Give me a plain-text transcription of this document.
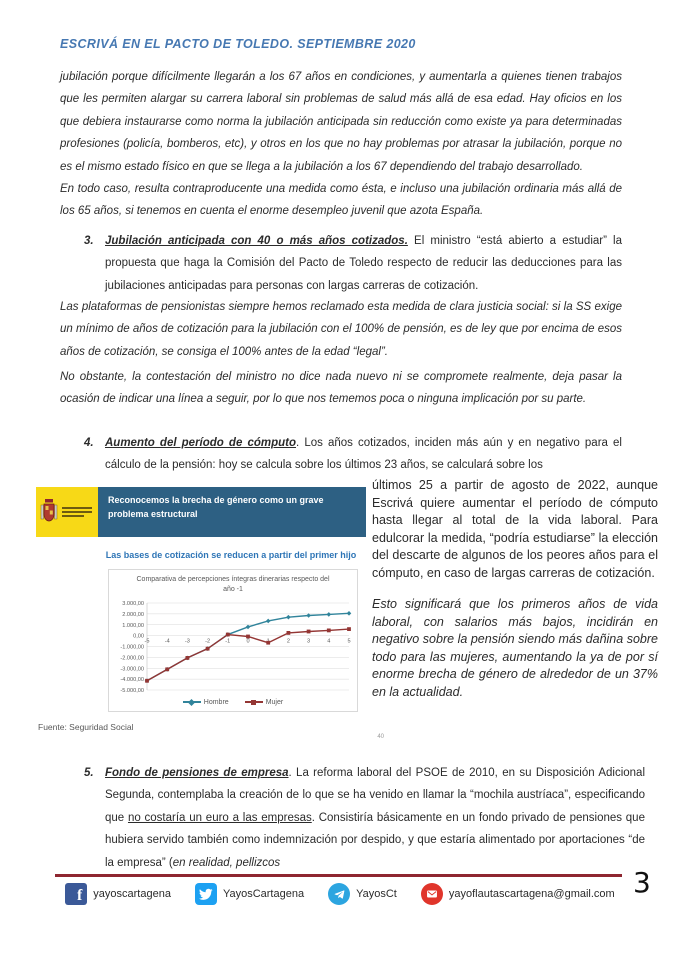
ESCRIVÁ EN EL PACTO DE TOLEDO. SEPTIEMBRE 2020
jubilación porque difícilmente llegarán a los 67 años en condiciones, y aumentarla a quienes tienen trabajos que les permiten alargar su carrera laboral sin problemas de salud más allá de esa edad. Hay oficios en los que debiera instaurarse como norma la jubilación anticipada sin reducción como existe ya para determinadas profesiones (policía, bomberos, etc), y otros en los que no hay problemas por atrasar la jubilación, porque no es el mismo estado físico en que se llega a la jubilación a los 67 dependiendo del trabajo desarrollado.
En todo caso, resulta contraproducente una medida como ésta, e incluso una jubilación ordinaria más allá de los 65 años, si tenemos en cuenta el enorme desempleo juvenil que azota España.
3. Jubilación anticipada con 40 o más años cotizados. El ministro “está abierto a estudiar” la propuesta que haga la Comisión del Pacto de Toledo respecto de reducir las deducciones para las jubilaciones anticipadas para personas con largas carreras de cotización.

Las plataformas de pensionistas siempre hemos reclamado esta medida de clara justicia social: si la SS exige un mínimo de años de cotización para la jubilación con el 100% de pensión, es de ley que por encima de esos años de cotización, se consiga el 100% antes de la edad “legal”.
No obstante, la contestación del ministro no dice nada nuevo ni se compromete realmente, deja pasar la ocasión de indicar una línea a seguir, por lo que nos tememos poca o ninguna implicación por su parte.
4. Aumento del período de cómputo. Los años cotizados, inciden más aún y en negativo para el cálculo de la pensión: hoy se calcula sobre los últimos 23 años, se calculará sobre los

Reconocemos la brecha de género como un grave problema estructural
Las bases de cotización se reducen a partir del primer hijo
Comparativa de percepciones íntegras dinerarias respecto del año -1
3.000,00
2.000,00
1.000,00
0,00
-1.000,00
-2.000,00
-3.000,00
-4.000,00
-5.000,00
-5	-4	-3	-2	-1	0	2	3	4	5
Hombre	Mujer
Fuente: Seguridad Social
40

últimos 25 a partir de agosto de 2022, aunque Escrivá quiere aumentar el período de cómputo hasta llegar al total de la vida laboral. Para edulcorar la medida, “podría estudiarse” la elección del descarte de algunos de los peores años para el cómputo, en caso de largas carreras de cotización.

Esto significará que los primeros años de vida laboral, con salarios más bajos, incidirán en negativo sobre la pensión siendo más dañina sobre todo para las mujeres, aumentando la ya de por sí enorme brecha de género de alrededor de un 37% en la actualidad.

5. Fondo de pensiones de empresa. La reforma laboral del PSOE de 2010, en su Disposición Adicional Segunda, contemplaba la creación de lo que se ha venido en llamar la “mochila austríaca”, especificando que no costaría un euro a las empresas. Consistiría básicamente en un fondo privado de pensiones que hubiera servido también como indemnización por despido, y que estaría alimentado por aportaciones “de la empresa” (en realidad, pellizcos

f	yayoscartagena	YayosCartagena	YayosCt	yayoflautascartagena@gmail.com 3
